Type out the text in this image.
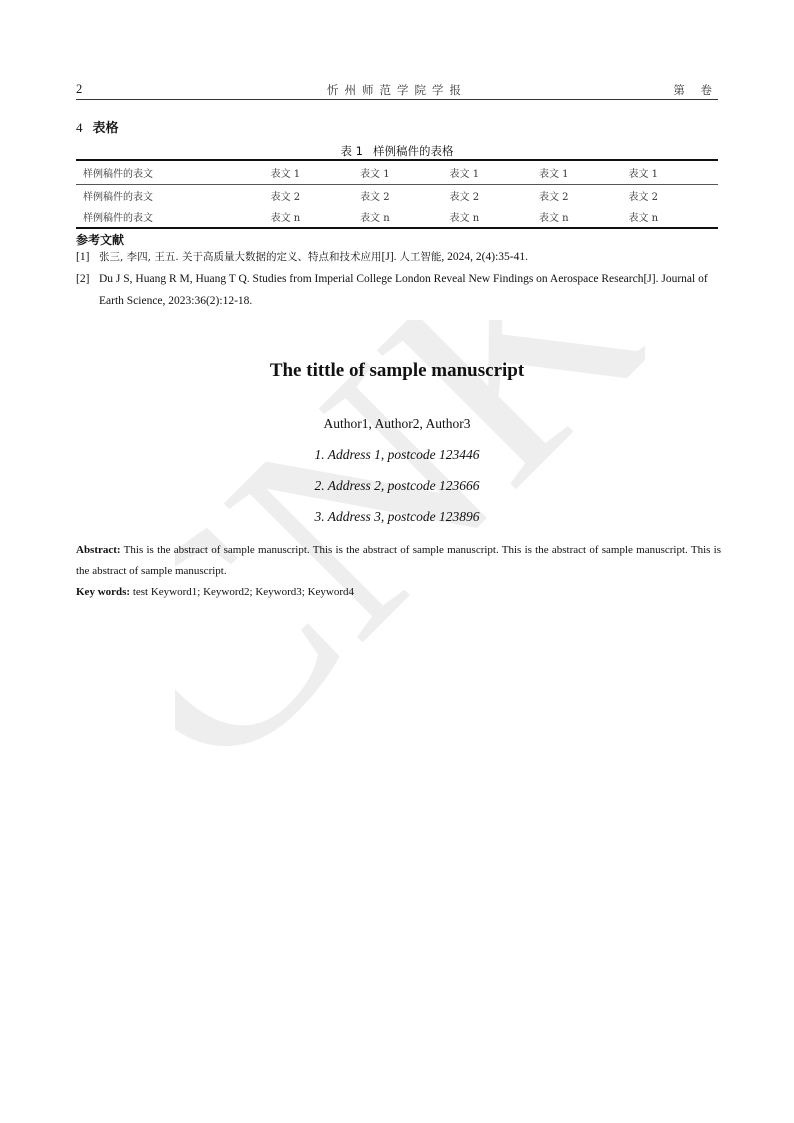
CNKI
2	忻州师范学院学报	第 卷
4 表格
表 1 样例稿件的表格
样例稿件的表文	表文 1	表文 1	表文 1	表文 1	表文 1
样例稿件的表文	表文 2	表文 2	表文 2	表文 2	表文 2
样例稿件的表文	表文 n	表文 n	表文 n	表文 n	表文 n
参考文献
[1] 张三, 李四, 王五. 关于高质量大数据的定义、特点和技术应用[J]. 人工智能, 2024, 2(4):35-41.
[2] Du J S, Huang R M, Huang T Q. Studies from Imperial College London Reveal New Findings on Aerospace Research[J]. Journal of Earth Science, 2023:36(2):12-18.
The tittle of sample manuscript
Author1, Author2, Author3
1. Address 1, postcode 123446
2. Address 2, postcode 123666
3. Address 3, postcode 123896
Abstract: This is the abstract of sample manuscript. This is the abstract of sample manuscript. This is the abstract of sample manuscript. This is the abstract of sample manuscript.
Key words: test Keyword1; Keyword2; Keyword3; Keyword4
